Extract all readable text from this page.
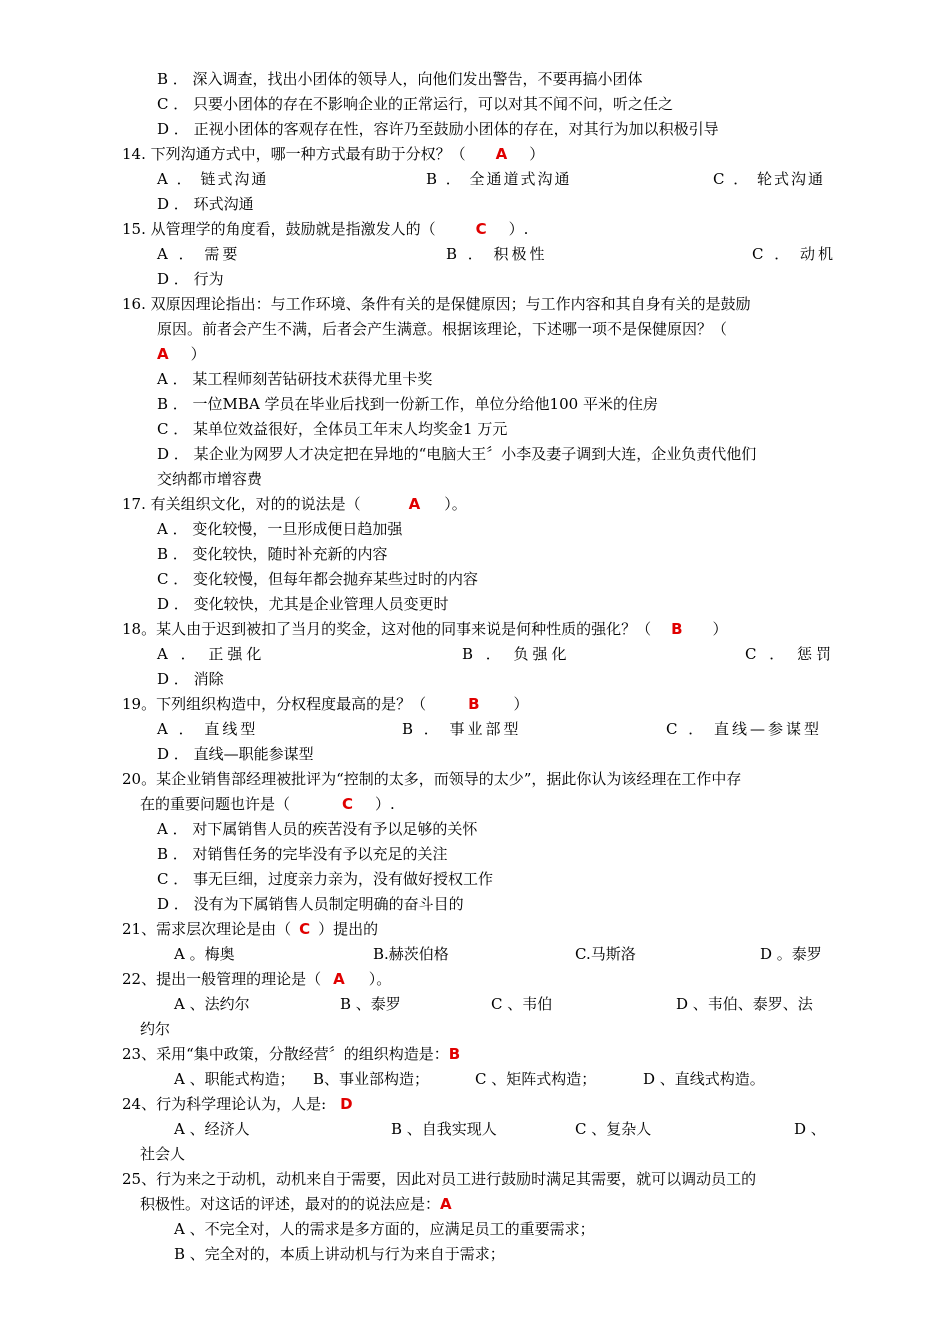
B ． 深入调查，找出小团体的领导人，向他们发出警告，不要再搞小团体
C ． 只要小团体的存在不影响企业的正常运行，可以对其不闻不问，听之任之
D ． 正视小团体的客观存在性，容许乃至鼓励小团体的存在，对其行为加以积极引导
14. 下列沟通方式中，哪一种方式最有助于分权？（ A ）
A ． 链式沟通	B ． 全通道式沟通	C ． 轮式沟通
D ． 环式沟通
15. 从管理学的角度看，鼓励就是指激发人的（	C ）.
A ． 需要	B ． 积极性	C ． 动机
D ． 行为
16. 双原因理论指出：与工作环境、条件有关的是保健原因；与工作内容和其自身有关的是鼓励
原因。前者会产生不满，后者会产生满意。根据该理论，下述哪一项不是保健原因？（
A ）
A ． 某工程师刻苦钻研技术获得尤里卡奖
B ． 一位MBA 学员在毕业后找到一份新工作，单位分给他100 平米的住房
C ． 某单位效益很好，全体员工年末人均奖金1 万元
D ． 某企业为网罗人才决定把在异地的“电脑大王〞小李及妻子调到大连，企业负责代他们
交纳都市增容费
17. 有关组织文化，对的的说法是（	A ）。
A ． 变化较慢，一旦形成便日趋加强
B ． 变化较快，随时补充新的内容
C ． 变化较慢，但每年都会抛弃某些过时的内容
D ． 变化较快，尤其是企业管理人员变更时
18。某人由于迟到被扣了当月的奖金，这对他的同事来说是何种性质的强化？（ B ）
A ． 正强化	B ． 负强化	C ． 惩罚
D ． 消除
19。下列组织构造中，分权程度最高的是？（	B ）
A ． 直线型	B ． 事业部型	C ． 直线—参谋型
D ． 直线—职能参谋型
20。某企业销售部经理被批评为“控制的太多，而领导的太少”，据此你认为该经理在工作中存
在的重要问题也许是（	C ）.
A ． 对下属销售人员的疾苦没有予以足够的关怀
B ． 对销售任务的完毕没有予以充足的关注
C ． 事无巨细，过度亲力亲为，没有做好授权工作
D ． 没有为下属销售人员制定明确的奋斗目的
21、需求层次理论是由（ C ）提出的
A 。梅奥	B.赫茨伯格	C.马斯洛	D 。泰罗
22、提出一般管理的理论是（ A ）。
A 、法约尔	B 、泰罗	C 、韦伯	D 、韦伯、泰罗、法
约尔
23、采用“集中政策，分散经营〞的组织构造是：B
A 、职能式构造； B、事业部构造；	C 、矩阵式构造；	D 、直线式构造。
24、行为科学理论认为，人是: D
A 、经济人	B 、自我实现人	C 、复杂人	D 、
社会人
25、行为来之于动机，动机来自于需要，因此对员工进行鼓励时满足其需要，就可以调动员工的
积极性。对这话的评述，最对的的说法应是：A
A 、不完全对，人的需求是多方面的，应满足员工的重要需求；
B 、完全对的，本质上讲动机与行为来自于需求；
